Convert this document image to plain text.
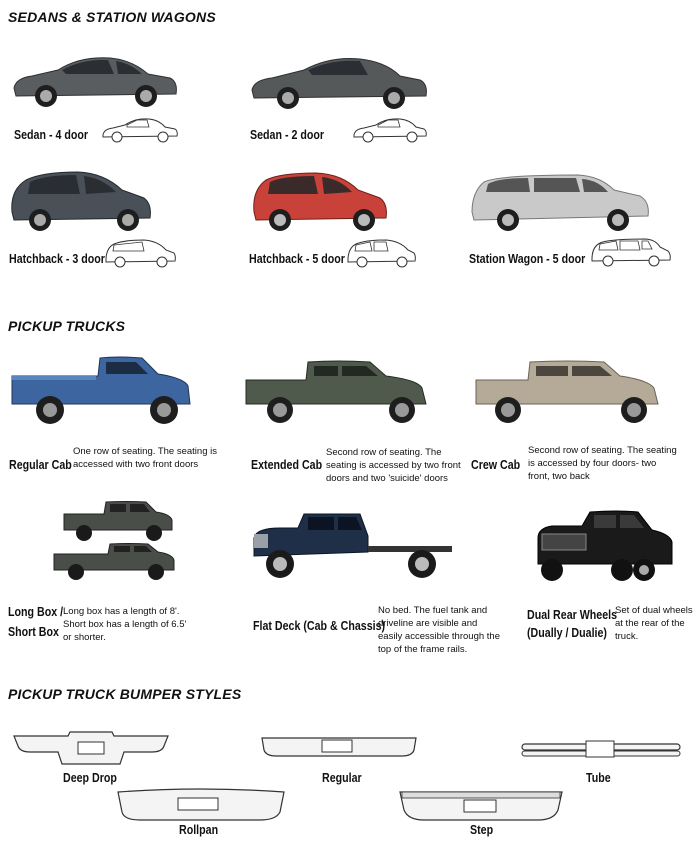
SEDANS & STATION WAGONS
PICKUP TRUCKS
PICKUP TRUCK BUMPER STYLES
Sedan - 4 door	Sedan - 2 door
Hatchback - 3 door	Hatchback - 5 door	Station Wagon - 5 door
Regular Cab
One row of seating. The seating is accessed with two front doors	Extended Cab
Second row of seating. The seating is accessed by two front doors and two 'suicide' doors
Crew Cab
Second row of seating. The seating is accessed by four doors- two front, two back
Long Box /
Short Box
Long box has a length of 8'. Short box has a length of 6.5' or shorter.
Flat Deck (Cab & Chassis)
No bed. The fuel tank and driveline are visible and easily accessible through the top of the frame rails.
Dual Rear Wheels
(Dually / Dualie)
Set of dual wheels at the rear of the truck.
Deep Drop	Regular	Tube
Rollpan	Step
